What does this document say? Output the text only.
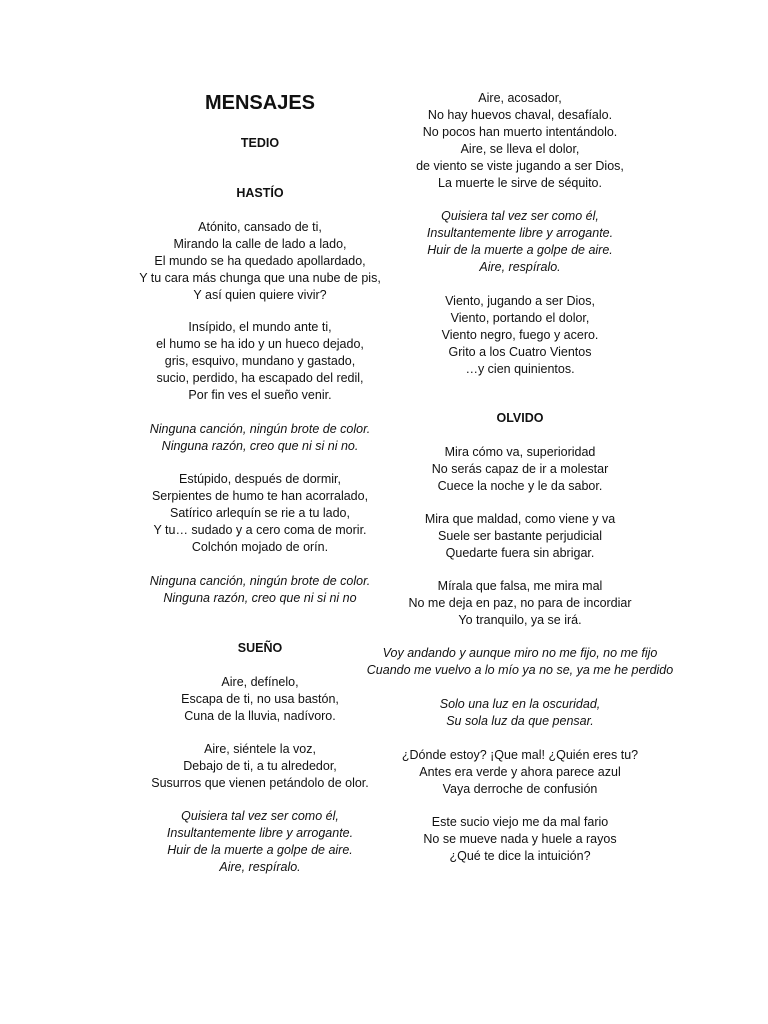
MENSAJES
TEDIO
HASTÍO
Atónito, cansado de ti,
Mirando la calle de lado a lado,
El mundo se ha quedado apollardado,
Y tu cara más chunga que una nube de pis,
Y así quien quiere vivir?
Insípido, el mundo ante ti,
el humo se ha ido y un hueco dejado,
gris, esquivo, mundano y gastado,
sucio, perdido, ha escapado del redil,
Por fin ves el sueño venir.
Ninguna canción, ningún brote de color.
Ninguna razón, creo que ni si ni no.
Estúpido, después de dormir,
Serpientes de humo te han acorralado,
Satírico arlequín se rie a tu lado,
Y tu… sudado y a cero coma de morir.
Colchón mojado de orín.
Ninguna canción, ningún brote de color.
Ninguna razón, creo que ni si ni no
SUEÑO
Aire, defínelo,
Escapa de ti, no usa bastón,
Cuna de la lluvia, nadívoro.
Aire, siéntele la voz,
Debajo de ti, a tu alrededor,
Susurros que vienen petándolo de olor.
Quisiera tal vez ser como él,
Insultantemente libre y arrogante.
Huir de la muerte a golpe de aire.
Aire, respíralo.
Aire, acosador,
No hay huevos chaval, desafíalo.
No pocos han muerto intentándolo.
Aire, se lleva el dolor,
de viento se viste jugando a ser Dios,
La muerte le sirve de séquito.
Quisiera tal vez ser como él,
Insultantemente libre y arrogante.
Huir de la muerte a golpe de aire.
Aire, respíralo.
Viento, jugando a ser Dios,
Viento, portando el dolor,
Viento negro, fuego y acero.
Grito a los Cuatro Vientos
…y cien quinientos.
OLVIDO
Mira cómo va, superioridad
No serás capaz de ir a molestar
Cuece la noche y le da sabor.
Mira que maldad, como viene y va
Suele ser bastante perjudicial
Quedarte fuera sin abrigar.
Mírala que falsa, me mira mal
No me deja en paz, no para de incordiar
Yo tranquilo, ya se irá.
Voy andando y aunque miro no me fijo, no me fijo
Cuando me vuelvo a lo mío ya no se, ya me he perdido
Solo una luz en la oscuridad,
Su sola luz da que pensar.
¿Dónde estoy? ¡Que mal! ¿Quién eres tu?
Antes era verde y ahora parece azul
Vaya derroche de confusión
Este sucio viejo me da mal fario
No se mueve nada y huele a rayos
¿Qué te dice la intuición?
